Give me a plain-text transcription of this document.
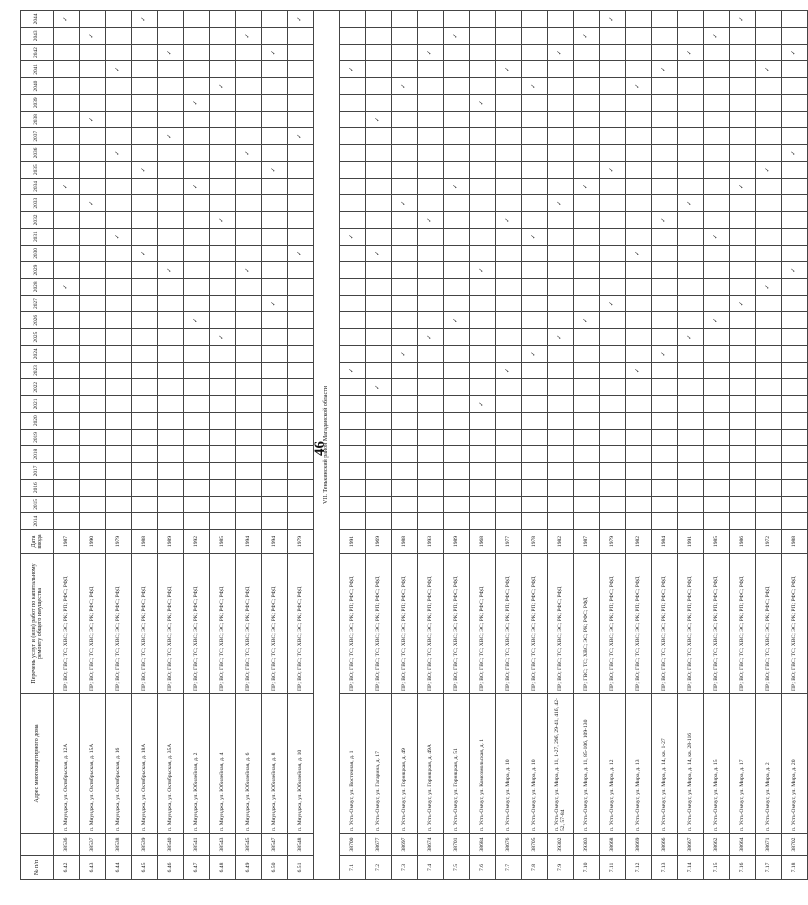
46
№ п/п		Адрес многоквартирного дома	Перечень услуг и (или) работ по капитальному ремонту общего имущества	Дата ввода	2014	2015	2016	2017	2018	2019	2020	2021	2022	2023	2024	2025	2026	2027	2028	2029	2030	2031	2032	2033	2034	2035	2036	2037	2038	2039	2040	2041	2042	2043	2044
6.42	38536	п. Мяунджа, ул. Октябрьская, д. 12А	ПР; ВО; ГВС; ТС; ХВС; ЭС; РК; РП; РФС; РФД	1987															✓						✓										✓
6.43	38537	п. Мяунджа, ул. Октябрьская, д. 15А	ПР; ВО; ГВС; ТС; ХВС; ЭС; РК; РФС; РФД	1990																				✓					✓					✓	
6.44	38538	п. Мяунджа, ул. Октябрьская, д. 16	ПР; ВО; ГВС; ТС; ХВС; ЭС; РК; РФС; РФД	1979																		✓					✓					✓			
6.45	38539	п. Мяунджа, ул. Октябрьская, д. 18А	ПР; ВО; ГВС; ТС; ХВС; ЭС; РК; РФС; РФД	1988																	✓					✓									✓
6.46	38540	п. Мяунджа, ул. Октябрьская, д. 35А	ПР; ВО; ГВС; ТС; ХВС; ЭС; РК; РФС; РФД	1989																✓								✓					✓		
6.47	38541	п. Мяунджа, ул. Юбилейная, д. 2	ПР; ВО; ГВС; ТС; ХВС; ЭС; РК; РФС; РФД	1992													✓								✓					✓					
6.48	38543	п. Мяунджа, ул. Юбилейная, д. 4	ПР; ВО; ГВС; ТС; ХВС; ЭС; РК; РФС; РФД	1985												✓							✓								✓				
6.49	38545	п. Мяунджа, ул. Юбилейная, д. 6	ПР; ВО; ГВС; ТС; ХВС; ЭС; РК; РФС; РФД	1994																✓							✓							✓	
6.50	38547	п. Мяунджа, ул. Юбилейная, д. 8	ПР; ВО; ГВС; ТС; ХВС; ЭС; РК; РФС; РФД	1994														✓								✓							✓		
6.51	38548	п. Мяунджа, ул. Юбилейная, д. 10	ПР; ВО; ГВС; ТС; ХВС; ЭС; РК; РФС; РФД	1979																	✓							✓							✓
VII. Тенькинский район Магаданской области																																			
7.1	38700	п. Усть-Омчуг, ул. Восточная, д. 1	ПР; ВО; ГВС; ТС; ХВС; ЭС; РК; РП; РФС; РФД	1991										✓								✓										✓			
7.2	38677	п. Усть-Омчуг, ул. Гагарина, д. 17	ПР; ВО; ГВС; ТС; ХВС; ЭС; РК; РП; РФС; РФД	1969									✓								✓								✓						
7.3	38697	п. Усть-Омчуг, ул. Горняцкая, д. 49	ПР; ВО; ГВС; ТС; ХВС; ЭС; РК; РП; РФС; РФД	1988											✓									✓							✓				
7.4	38674	п. Усть-Омчуг, ул. Горняцкая, д. 49А	ПР; ВО; ГВС; ТС; ХВС; ЭС; РК; РП; РФС; РФД	1993												✓							✓										✓		
7.5	38701	п. Усть-Омчуг, ул. Горняцкая, д. 51	ПР; ВО; ГВС; ТС; ХВС; ЭС; РК; РП; РФС; РФД	1989													✓								✓									✓	
7.6	38684	п. Усть-Омчуг, ул. Комсомольская, д. 1	ПР; ВО; ГВС; ТС; ХВС; ЭС; РК; РФС; РФД	1968								✓								✓										✓					
7.7	38676	п. Усть-Омчуг, ул. Мира, д. 10	ПР; ВО; ГВС; ТС; ХВС; ЭС; РК; РП; РФС; РФД	1977										✓									✓									✓			
7.8	38705	п. Усть-Омчуг, ул. Мира, д. 10	ПР; ВО; ГВС; ТС; ХВС; ЭС; РК; РП; РФС; РФД	1978											✓							✓									✓				
7.9	39302	п. Усть-Омчуг, ул. Мира, д. 11, 1-27, 29б, 29-41, 41б, 42-52, 57-84	ПР; ВО; ГВС; ТС; ХВС; ЭС; РК; РФС; РФД	1982												✓								✓									✓		
7.10	39303	п. Усть-Омчуг, ул. Мира, д. 11, 85-106, 109-130	ПР; ГВС; ТС; ХВС; ЭС; РК; РФС; РФД	1987													✓								✓									✓	
7.11	38668	п. Усть-Омчуг, ул. Мира, д. 12	ПР; ВО; ГВС; ТС; ХВС; ЭС; РК; РП; РФС; РФД	1979														✓								✓									✓
7.12	38669	п. Усть-Омчуг, ул. Мира, д. 13	ПР; ВО; ГВС; ТС; ХВС; ЭС; РК; РП; РФС; РФД	1982										✓							✓										✓				
7.13	38666	п. Усть-Омчуг, ул. Мира, д. 14, кв. 1-27	ПР; ВО; ГВС; ТС; ХВС; ЭС; РК; РП; РФС; РФД	1984											✓								✓									✓			
7.14	38667	п. Усть-Омчуг, ул. Мира, д. 14, кв. 28-116	ПР; ВО; ГВС; ТС; ХВС; ЭС; РК; РП; РФС; РФД	1991												✓								✓									✓		
7.15	38662	п. Усть-Омчуг, ул. Мира, д. 15	ПР; ВО; ГВС; ТС; ХВС; ЭС; РК; РП; РФС; РФД	1985													✓					✓												✓	
7.16	38664	п. Усть-Омчуг, ул. Мира, д. 17	ПР; ВО; ГВС; ТС; ХВС; ЭС; РК; РП; РФС; РФД	1986														✓							✓										✓
7.17	38671	п. Усть-Омчуг, ул. Мира, д. 2	ПР; ВО; ГВС; ТС; ХВС; ЭС; РК; РФС; РФД	1972															✓							✓						✓			
7.18	38702	п. Усть-Омчуг, ул. Мира, д. 20	ПР; ВО; ГВС; ТС; ХВС; ЭС; РК; РП; РФС; РФД	1988																✓							✓						✓		
